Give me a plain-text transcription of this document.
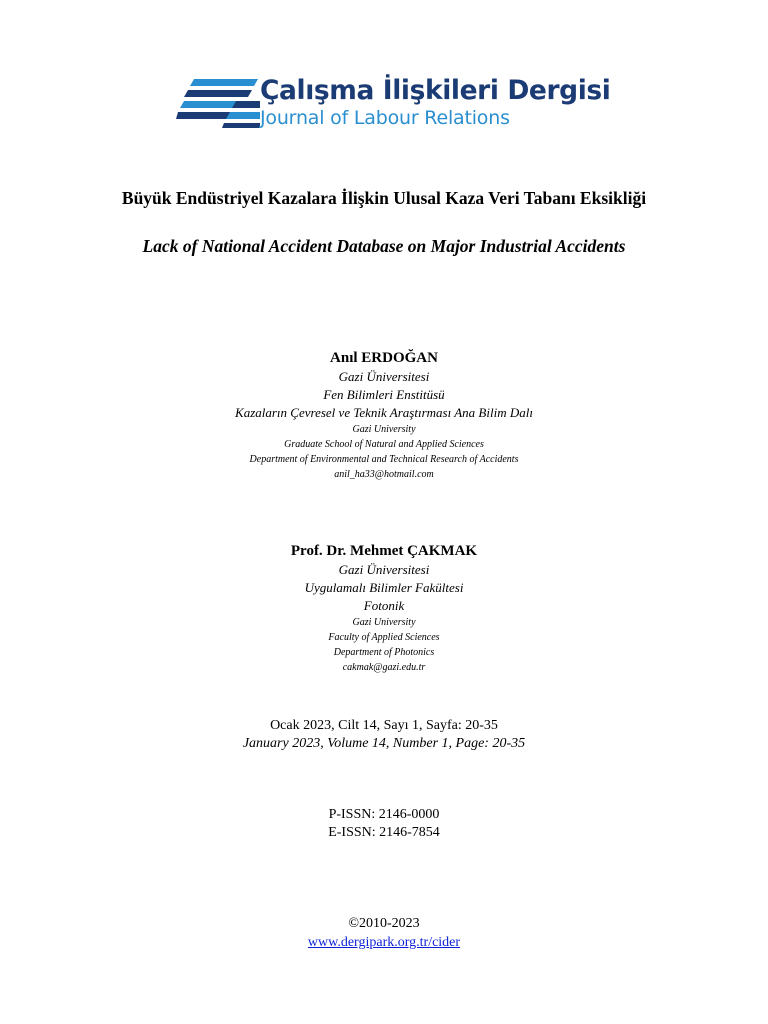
Çalışma İlişkileri Dergisi
Journal of Labour Relations
Büyük Endüstriyel Kazalara İlişkin Ulusal Kaza Veri Tabanı Eksikliği
Lack of National Accident Database on Major Industrial Accidents
Anıl ERDOĞAN
Gazi Üniversitesi
Fen Bilimleri Enstitüsü
Kazaların Çevresel ve Teknik Araştırması Ana Bilim Dalı
Gazi University
Graduate School of Natural and Applied Sciences
Department of Environmental and Technical Research of Accidents
anil_ha33@hotmail.com
Prof. Dr. Mehmet ÇAKMAK
Gazi Üniversitesi
Uygulamalı Bilimler Fakültesi
Fotonik
Gazi University
Faculty of Applied Sciences
Department of Photonics
cakmak@gazi.edu.tr
Ocak 2023, Cilt 14, Sayı 1, Sayfa: 20-35
January 2023, Volume 14, Number 1, Page: 20-35
P-ISSN: 2146-0000
E-ISSN: 2146-7854
©2010-2023
www.dergipark.org.tr/cider
